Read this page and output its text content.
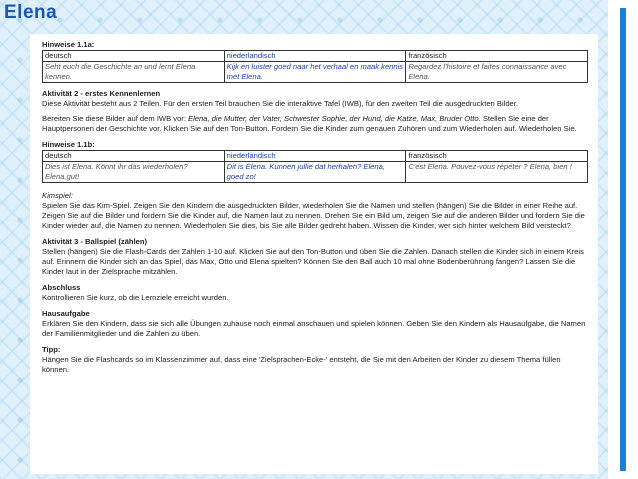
Elena

Hinweise 1.1a:

deutsch	niederlandisch	französisch
Seht euch die Geschichte an und lernt Elena kennen.	Kijk en luister goed naar het verhaal en maak kennis met Elena.	Regardez l'histoire et faites connaissance avec Elena.

Aktivität 2 - erstes Kennenlernen

Diese Aktivität besteht aus 2 Teilen. Für den ersten Teil brauchen Sie die interaktive Tafel (IWB), für den zweiten Teil die ausgedruckten Bilder.

Bereiten Sie diese Bilder auf dem IWB vor: Elena, die Mutter, der Vater, Schwester Sophie, der Hund, die Katze, Max, Bruder Otto. Stellen Sie eine der Hauptpersonen der Geschichte vor. Klicken Sie auf den Ton-Button. Fordern Sie die Kinder zum genauen Zuhören und zum Wiederholen auf. Wiederholen Sie.

Hinweise 1.1b:

deutsch	niederlandisch	französisch
Dies ist Elena. Könnt ihr das wiederholen? Elena,gut!	Dit is Elena. Kunnen jullie dat herhalen? Elena, goed zo!	C'est Elena. Pouvez-vous répéter ? Elena, bien !

Kimspiel:

Spielen Sie das Kim-Spiel. Zeigen Sie den Kindern die ausgedruckten Bilder, wiederholen Sie die Namen und stellen (hängen) Sie die Bilder in einer Reihe auf. Zeigen Sie auf die Bilder und fordern Sie die Kinder auf, die Namen laut zu nennen. Drehen Sie ein Bild um, zeigen Sie auf die anderen Bilder und fordern Sie die Kinder wieder auf, die Namen zu nennen. Wiederholen Sie dies, bis Sie alle Bilder gedreht haben. Wissen die Kinder, wer sich hinter welchem Bild versteckt?

Aktivität 3 - Ballspiel (zählen)

Stellen (hängen) Sie die Flash-Cards der Zahlen 1-10 auf. Klicken Sie auf den Ton-Button und üben Sie die Zahlen. Danach stellen die Kinder sich in einem Kreis auf. Erinnern die Kinder sich an das Spiel, das Max, Otto und Elena spielten? Können Sie den Ball auch 10 mal ohne Bodenberührung fangen? Lassen Sie die Kinder laut in der Zielsprache mitzählen.

Abschluss

Kontrollieren Sie kurz, ob die Lernziele erreicht wurden.

Hausaufgabe

Erklären Sie den Kindern, dass sie sich alle Übungen zuhause noch einmal anschauen und spielen können. Geben Sie den Kindern als Hausaufgabe, die Namen der Familienmitglieder und die Zahlen zu üben.

Tipp:

Hängen Sie die Flashcards so im Klassenzimmer auf, dass eine 'Zielsprachen-Ecke-' entsteht, die Sie mit den Arbeiten der Kinder zu diesem Thema füllen können.
